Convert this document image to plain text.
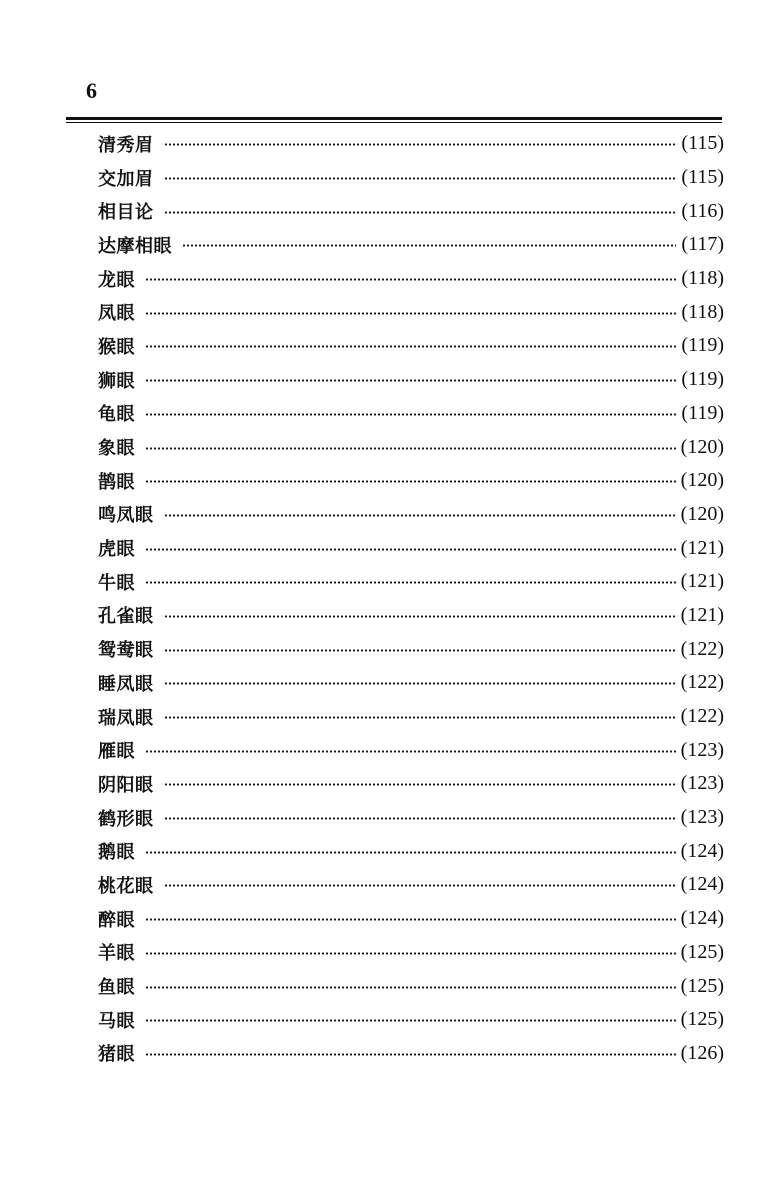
6
清秀眉	(115)
交加眉	(115)
相目论	(116)
达摩相眼	(117)
龙眼	(118)
凤眼	(118)
猴眼	(119)
狮眼	(119)
龟眼	(119)
象眼	(120)
鹊眼	(120)
鸣凤眼	(120)
虎眼	(121)
牛眼	(121)
孔雀眼	(121)
鸳鸯眼	(122)
睡凤眼	(122)
瑞凤眼	(122)
雁眼	(123)
阴阳眼	(123)
鹤形眼	(123)
鹅眼	(124)
桃花眼	(124)
醉眼	(124)
羊眼	(125)
鱼眼	(125)
马眼	(125)
猪眼	(126)
